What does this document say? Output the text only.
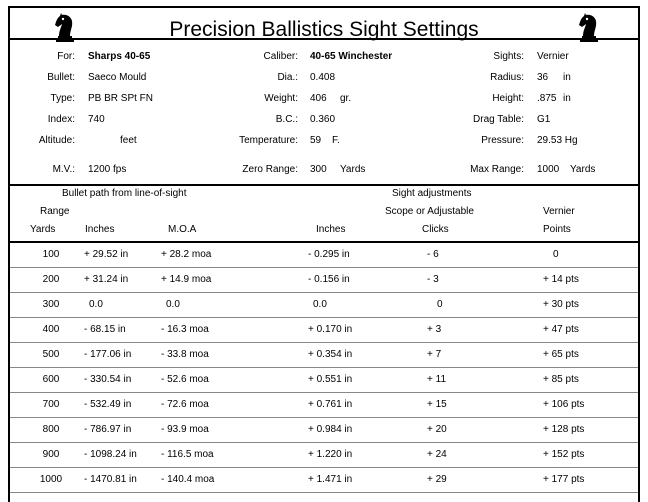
Precision Ballistics Sight Settings
For: Sharps 40-65
Bullet: Saeco Mould
Type: PB BR SPt FN
Index: 740
Altitude:	feet
M.V.: 1200 fps
Caliber: 40-65 Winchester
Dia.: 0.408
Weight: 406 gr.
B.C.: 0.360
Temperature: 59 F.
Zero Range: 300 Yards
Sights: Vernier
Radius: 36 in
Height: .875 in
Drag Table: G1
Pressure: 29.53 Hg
Max Range: 1000 Yards
Bullet path from line-of-sight	Sight adjustments
Range	Scope or Adjustable	Vernier
Yards	Inches	M.O.A	Inches	Clicks	Points
100	+ 29.52 in	+ 28.2 moa	- 0.295 in	- 6	0
200	+ 31.24 in	+ 14.9 moa	- 0.156 in	- 3	+ 14 pts
300	0.0	0.0	0.0	0	+ 30 pts
400	- 68.15 in	- 16.3 moa	+ 0.170 in	+ 3	+ 47 pts
500	- 177.06 in	- 33.8 moa	+ 0.354 in	+ 7	+ 65 pts
600	- 330.54 in	- 52.6 moa	+ 0.551 in	+ 11	+ 85 pts
700	- 532.49 in	- 72.6 moa	+ 0.761 in	+ 15	+ 106 pts
800	- 786.97 in	- 93.9 moa	+ 0.984 in	+ 20	+ 128 pts
900	- 1098.24 in - 116.5 moa	+ 1.220 in	+ 24	+ 152 pts
1000	- 1470.81 in - 140.4 moa	+ 1.471 in	+ 29	+ 177 pts
